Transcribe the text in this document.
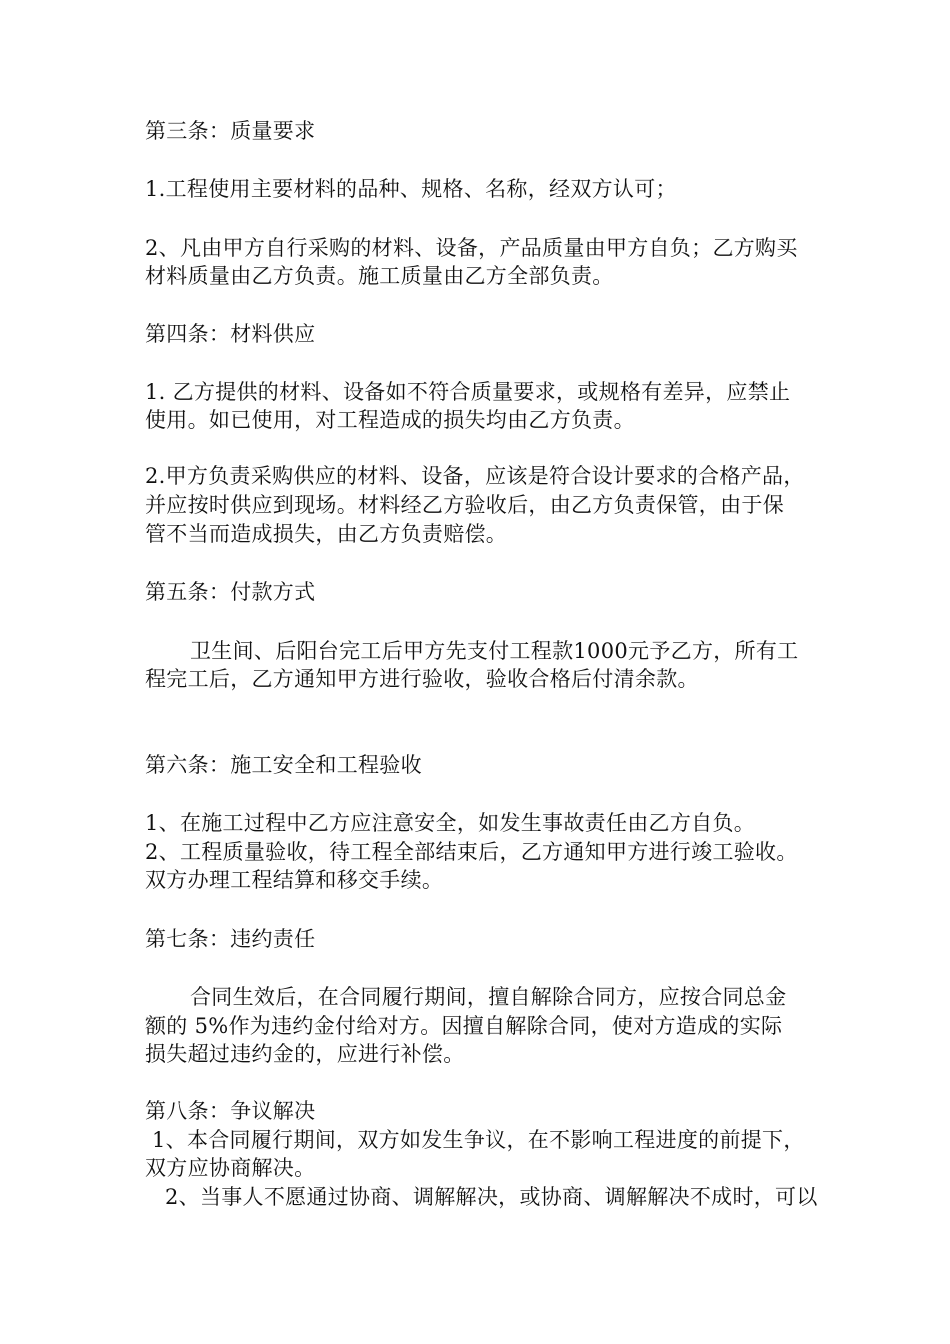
第三条：质量要求
1.工程使用主要材料的品种、规格、名称，经双方认可；
2、凡由甲方自行采购的材料、设备，产品质量由甲方自负；乙方购买
材料质量由乙方负责。施工质量由乙方全部负责。
第四条：材料供应
1. 乙方提供的材料、设备如不符合质量要求，或规格有差异，应禁止
使用。如已使用，对工程造成的损失均由乙方负责。
2.甲方负责采购供应的材料、设备，应该是符合设计要求的合格产品，
并应按时供应到现场。材料经乙方验收后，由乙方负责保管，由于保
管不当而造成损失，由乙方负责赔偿。
第五条：付款方式
卫生间、后阳台完工后甲方先支付工程款1000元予乙方，所有工
程完工后，乙方通知甲方进行验收，验收合格后付清余款。
第六条：施工安全和工程验收
1、在施工过程中乙方应注意安全，如发生事故责任由乙方自负。
2、工程质量验收，待工程全部结束后，乙方通知甲方进行竣工验收。
双方办理工程结算和移交手续。
第七条：违约责任
合同生效后，在合同履行期间，擅自解除合同方，应按合同总金
额的 5%作为违约金付给对方。因擅自解除合同，使对方造成的实际
损失超过违约金的，应进行补偿。
第八条：争议解决
1、本合同履行期间，双方如发生争议，在不影响工程进度的前提下，
双方应协商解决。
2、当事人不愿通过协商、调解解决，或协商、调解解决不成时，可以
